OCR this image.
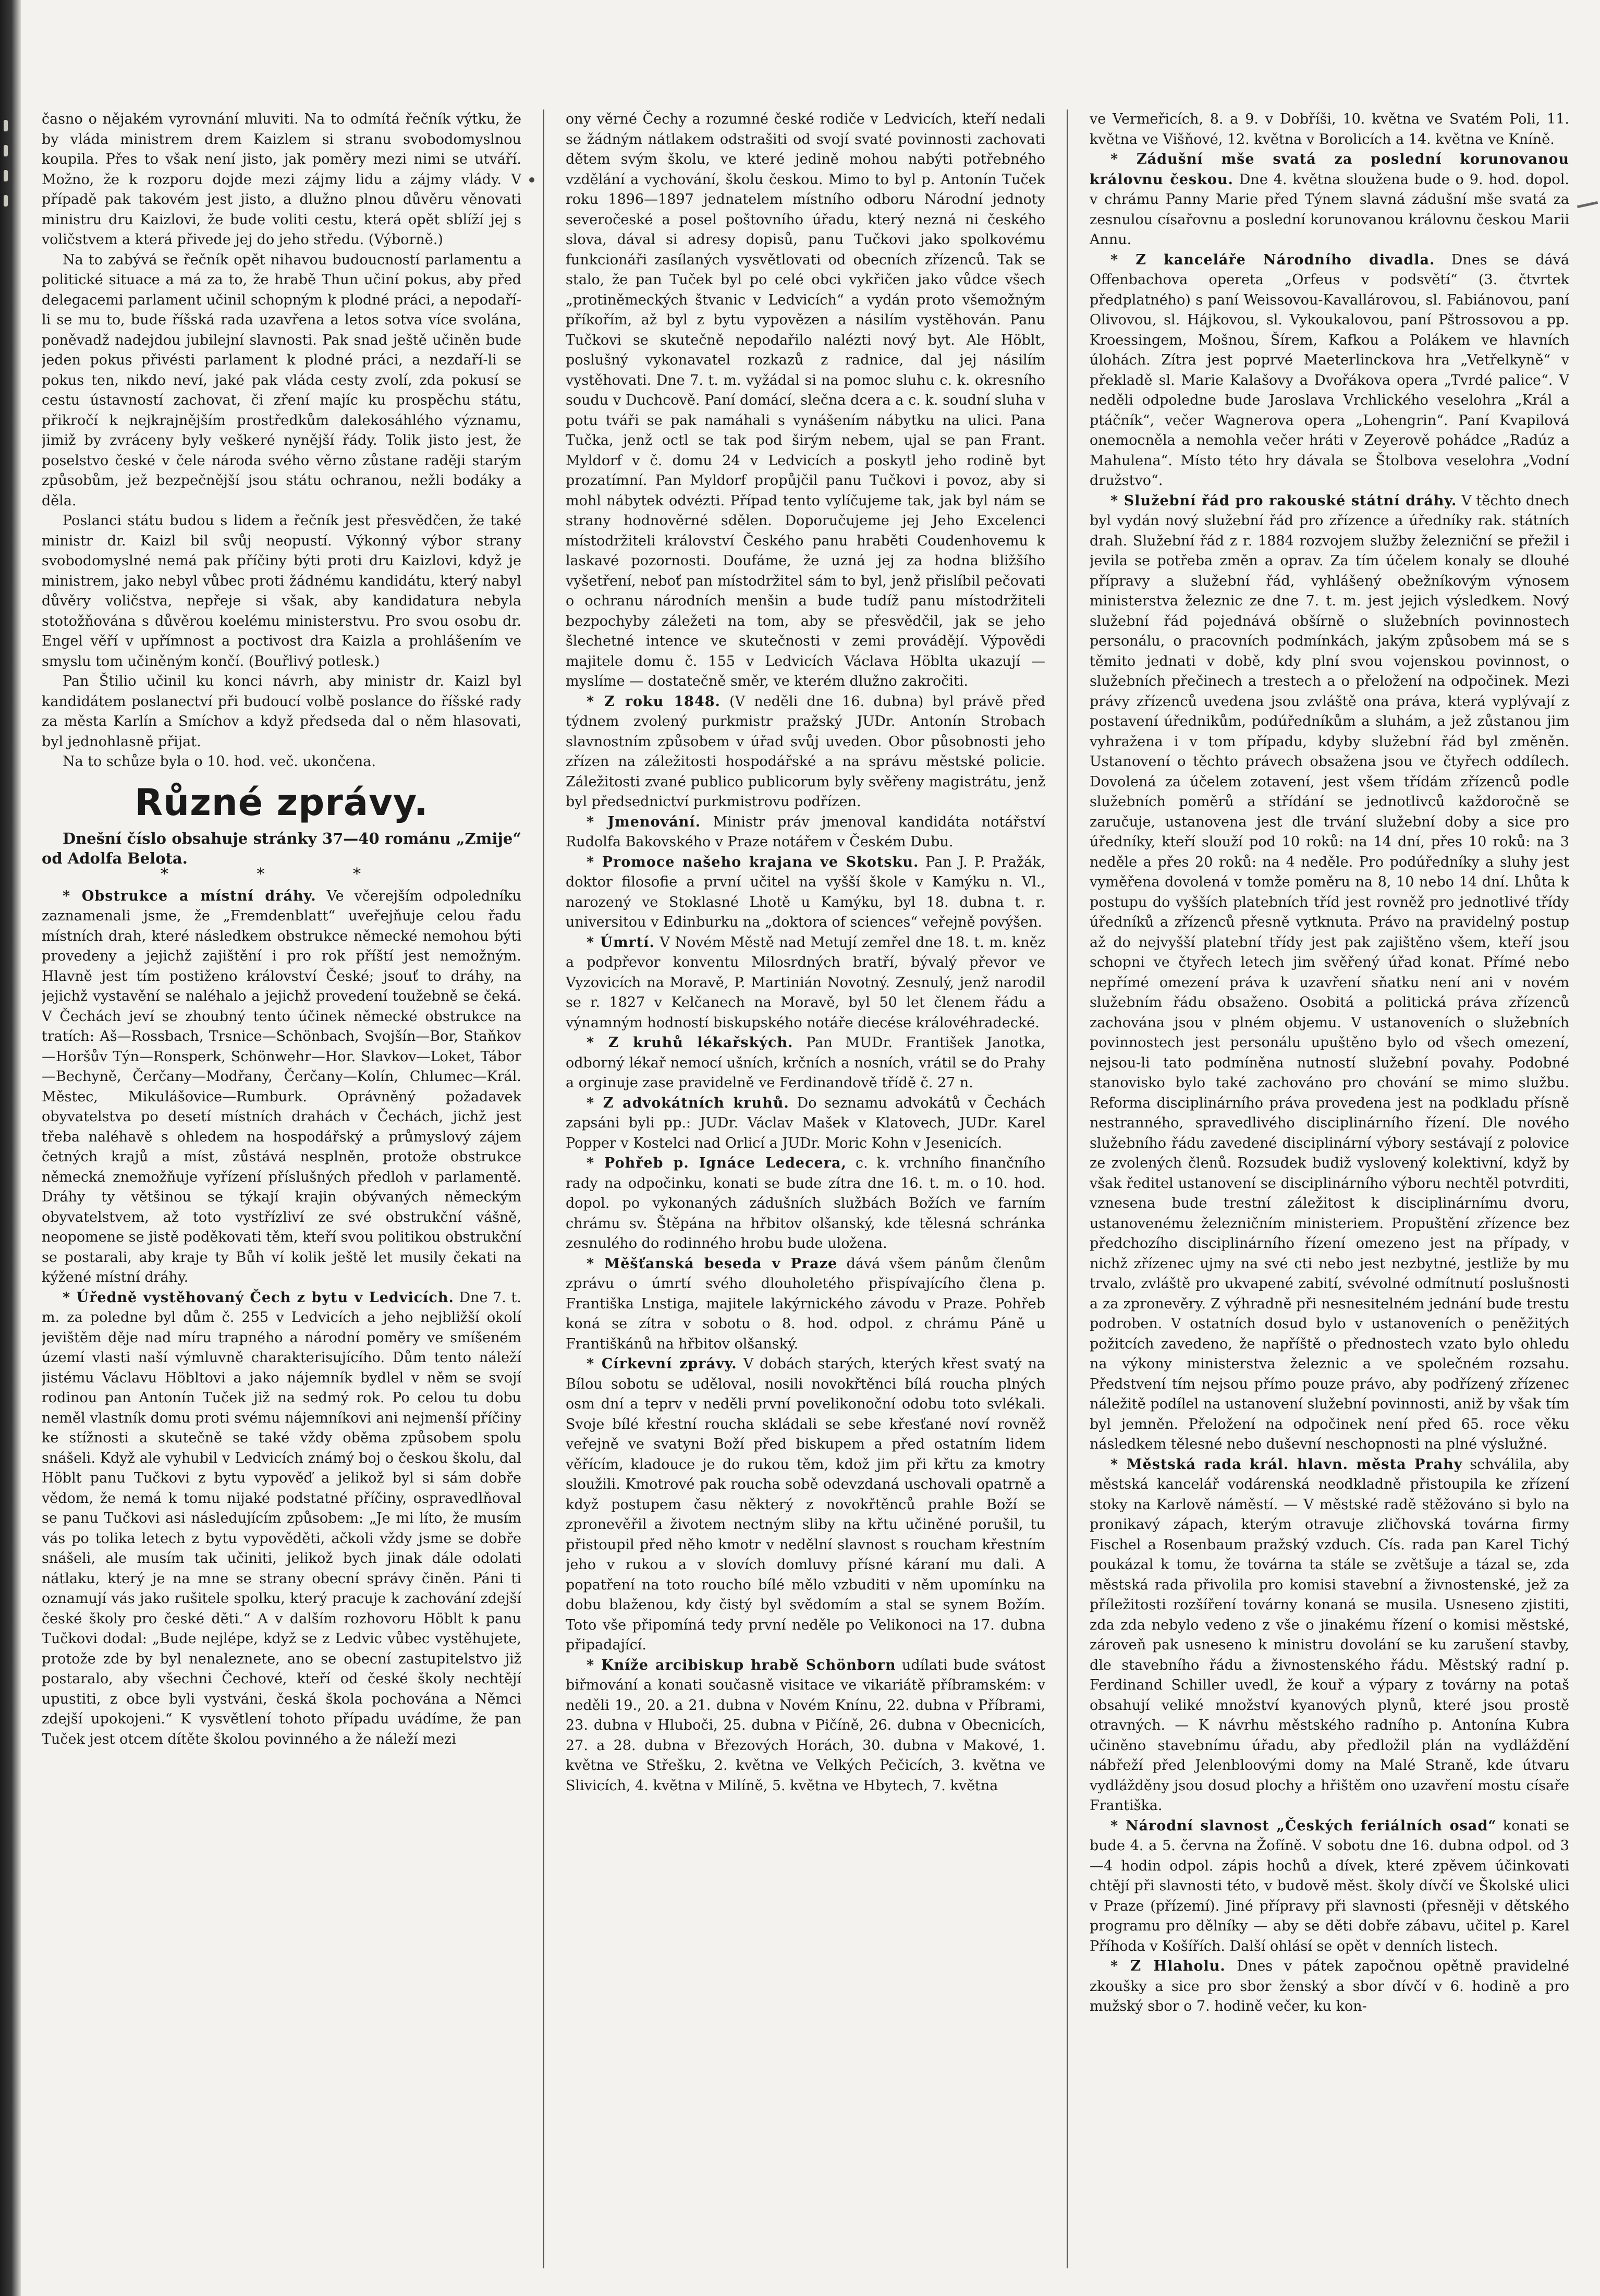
časno o nějakém vyrovnání mluviti. Na to odmítá řečník výtku, že by vláda ministrem drem Kaizlem si stranu svobodomyslnou koupila. Přes to však není jisto, jak poměry mezi nimi se utváří. Možno, že k rozporu dojde mezi zájmy lidu a zájmy vlády. V případě pak takovém jest jisto, a dlužno plnou důvěru věnovati ministru dru Kaizlovi, že bude voliti cestu, která opět sblíží jej s voličstvem a která přivede jej do jeho středu. (Výborně.)

Na to zabývá se řečník opět nihavou budoucností parlamentu a politické situace a má za to, že hrabě Thun učiní pokus, aby před delegacemi parlament učinil schopným k plodné práci, a nepodaří-li se mu to, bude říšská rada uzavřena a letos sotva více svolána, poněvadž nadejdou jubilejní slavnosti. Pak snad ještě učiněn bude jeden pokus přivésti parlament k plodné práci, a nezdaří-li se pokus ten, nikdo neví, jaké pak vláda cesty zvolí, zda pokusí se cestu ústavností zachovat, či zření majíc ku prospěchu státu, přikročí k nejkrajnějším prostředkům dalekosáhlého významu, jimiž by zvráceny byly veškeré nynější řády. Tolik jisto jest, že poselstvo české v čele národa svého věrno zůstane raději starým způsobům, jež bezpečnější jsou státu ochranou, nežli bodáky a děla.

Poslanci státu budou s lidem a řečník jest přesvědčen, že také ministr dr. Kaizl bil svůj neopustí. Výkonný výbor strany svobodomyslné nemá pak příčiny býti proti dru Kaizlovi, když je ministrem, jako nebyl vůbec proti žádnému kandidátu, který nabyl důvěry voličstva, nepřeje si však, aby kandidatura nebyla stotožňována s důvěrou koelému ministerstvu. Pro svou osobu dr. Engel věří v upřímnost a poctivost dra Kaizla a prohlášením ve smyslu tom učiněným končí. (Bouřlivý potlesk.)

Pan Štilio učinil ku konci návrh, aby ministr dr. Kaizl byl kandidátem poslanectví při budoucí volbě poslance do říšské rady za města Karlín a Smíchov a když předseda dal o něm hlasovati, byl jednohlasně přijat.

Na to schůze byla o 10. hod. več. ukončena.

Různé zprávy.

Dnešní číslo obsahuje stránky 37—40 románu „Zmije“ od Adolfa Belota.

* * *

* Obstrukce a místní dráhy. Ve včerejším odpoledníku zaznamenali jsme, že „Fremdenblatt“ uveřejňuje celou řadu místních drah, které následkem obstrukce německé nemohou býti provedeny a jejichž zajištění i pro rok příští jest nemožným. Hlavně jest tím postiženo království České; jsouť to dráhy, na jejichž vystavění se naléhalo a jejichž provedení toužebně se čeká. V Čechách jeví se zhoubný tento účinek německé obstrukce na tratích: Aš—Rossbach, Trsnice—Schönbach, Svojšín—Bor, Staňkov—Horšův Týn—Ronsperk, Schönwehr—Hor. Slavkov—Loket, Tábor—Bechyně, Čerčany—Modřany, Čerčany—Kolín, Chlumec—Král. Městec, Mikulášovice—Rumburk. Oprávněný požadavek obyvatelstva po desetí místních drahách v Čechách, jichž jest třeba naléhavě s ohledem na hospodářský a průmyslový zájem četných krajů a míst, zůstává nesplněn, protože obstrukce německá znemožňuje vyřízení příslušných předloh v parlamentě. Dráhy ty většinou se týkají krajin obývaných německým obyvatelstvem, až toto vystřízliví ze své obstrukční vášně, neopomene se jistě poděkovati těm, kteří svou politikou obstrukční se postarali, aby kraje ty Bůh ví kolik ještě let musily čekati na kýžené místní dráhy.

* Úředně vystěhovaný Čech z bytu v Ledvicích. Dne 7. t. m. za poledne byl dům č. 255 v Ledvicích a jeho nejbližší okolí jevištěm děje nad míru trapného a národní poměry ve smíšeném území vlasti naší výmluvně charakterisujícího. Dům tento náleží jistému Václavu Höbltovi a jako nájemník bydlel v něm se svojí rodinou pan Antonín Tuček již na sedmý rok. Po celou tu dobu neměl vlastník domu proti svému nájemníkovi ani nejmenší příčiny ke stížnosti a skutečně se také vždy oběma způsobem spolu snášeli. Když ale vyhubil v Ledvicích známý boj o českou školu, dal Höblt panu Tučkovi z bytu vypověď a jelikož byl si sám dobře vědom, že nemá k tomu nijaké podstatné příčiny, ospravedlňoval se panu Tučkovi asi následujícím způsobem: „Je mi líto, že musím vás po tolika letech z bytu vypověděti, ačkoli vždy jsme se dobře snášeli, ale musím tak učiniti, jelikož bych jinak dále odolati nátlaku, který je na mne se strany obecní správy činěn. Páni ti oznamují vás jako rušitele spolku, který pracuje k zachování zdejší české školy pro české děti.“ A v dalším rozhovoru Höblt k panu Tučkovi dodal: „Bude nejlépe, když se z Ledvic vůbec vystěhujete, protože zde by byl nenaleznete, ano se obecní zastupitelstvo již postaralo, aby všechni Čechové, kteří od české školy nechtějí upustiti, z obce byli vystváni, česká škola pochována a Němci zdejší upokojeni.“ K vysvětlení tohoto případu uvádíme, že pan Tuček jest otcem dítěte školou povinného a že náleží mezi

ony věrné Čechy a rozumné české rodiče v Ledvicích, kteří nedali se žádným nátlakem odstrašiti od svojí svaté povinnosti zachovati dětem svým školu, ve které jedině mohou nabýti potřebného vzdělání a vychování, školu českou. Mimo to byl p. Antonín Tuček roku 1896—1897 jednatelem místního odboru Národní jednoty severočeské a posel poštovního úřadu, který nezná ni českého slova, dával si adresy dopisů, panu Tučkovi jako spolkovému funkcionáři zasílaných vysvětlovati od obecních zřízenců. Tak se stalo, že pan Tuček byl po celé obci vykřičen jako vůdce všech „protiněmeckých štvanic v Ledvicích“ a vydán proto všemožným příkořím, až byl z bytu vypovězen a násilím vystěhován. Panu Tučkovi se skutečně nepodařilo nalézti nový byt. Ale Höblt, poslušný vykonavatel rozkazů z radnice, dal jej násilím vystěhovati. Dne 7. t. m. vyžádal si na pomoc sluhu c. k. okresního soudu v Duchcově. Paní domácí, slečna dcera a c. k. soudní sluha v potu tváři se pak namáhali s vynášením nábytku na ulici. Pana Tučka, jenž octl se tak pod širým nebem, ujal se pan Frant. Myldorf v č. domu 24 v Ledvicích a poskytl jeho rodině byt prozatímní. Pan Myldorf propůjčil panu Tučkovi i povoz, aby si mohl nábytek odvézti. Případ tento vylíčujeme tak, jak byl nám se strany hodnověrné sdělen. Doporučujeme jej Jeho Excelenci místodržiteli království Českého panu hraběti Coudenhovemu k laskavé pozornosti. Doufáme, že uzná jej za hodna bližšího vyšetření, neboť pan místodržitel sám to byl, jenž přislíbil pečovati o ochranu národních menšin a bude tudíž panu místodržiteli bezpochyby záležeti na tom, aby se přesvědčil, jak se jeho šlechetné intence ve skutečnosti v zemi provádějí. Výpovědi majitele domu č. 155 v Ledvicích Václava Höblta ukazují — myslíme — dostatečně směr, ve kterém dlužno zakročiti.

* Z roku 1848. (V neděli dne 16. dubna) byl právě před týdnem zvolený purkmistr pražský JUDr. Antonín Strobach slavnostním způsobem v úřad svůj uveden. Obor působnosti jeho zřízen na záležitosti hospodářské a na správu městské policie. Záležitosti zvané publico publicorum byly svěřeny magistrátu, jenž byl předsednictví purkmistrovu podřízen.

* Jmenování. Ministr práv jmenoval kandidáta notářství Rudolfa Bakovského v Praze notářem v Českém Dubu.

* Promoce našeho krajana ve Skotsku. Pan J. P. Pražák, doktor filosofie a první učitel na vyšší škole v Kamýku n. Vl., narozený ve Stoklasné Lhotě u Kamýku, byl 18. dubna t. r. universitou v Edinburku na „doktora of sciences“ veřejně povýšen.

* Úmrtí. V Novém Městě nad Metují zemřel dne 18. t. m. kněz a podpřevor konventu Milosrdných bratří, bývalý převor ve Vyzovicích na Moravě, P. Martinián Novotný. Zesnulý, jenž narodil se r. 1827 v Kelčanech na Moravě, byl 50 let členem řádu a výnamným hodností biskupského notáře diecése královéhradecké.

* Z kruhů lékařských. Pan MUDr. František Janotka, odborný lékař nemocí ušních, krčních a nosních, vrátil se do Prahy a orginuje zase pravidelně ve Ferdinandově třídě č. 27 n.

* Z advokátních kruhů. Do seznamu advokátů v Čechách zapsáni byli pp.: JUDr. Václav Mašek v Klatovech, JUDr. Karel Popper v Kostelci nad Orlicí a JUDr. Moric Kohn v Jesenicích.

* Pohřeb p. Ignáce Ledecera, c. k. vrchního finančního rady na odpočinku, konati se bude zítra dne 16. t. m. o 10. hod. dopol. po vykonaných zádušních službách Božích ve farním chrámu sv. Štěpána na hřbitov olšanský, kde tělesná schránka zesnulého do rodinného hrobu bude uložena.

* Měšťanská beseda v Praze dává všem pánům členům zprávu o úmrtí svého dlouholetého přispívajícího člena p. Františka Lnstiga, majitele lakýrnického závodu v Praze. Pohřeb koná se zítra v sobotu o 8. hod. odpol. z chrámu Páně u Františkánů na hřbitov olšanský.

* Církevní zprávy. V dobách starých, kterých křest svatý na Bílou sobotu se uděloval, nosili novokřtěnci bílá roucha plných osm dní a teprv v neděli první povelikonoční odobu toto svlékali. Svoje bílé křestní roucha skládali se sebe křesťané noví rovněž veřejně ve svatyni Boží před biskupem a před ostatním lidem věřícím, kladouce je do rukou těm, kdož jim při křtu za kmotry sloužili. Kmotrové pak roucha sobě odevzdaná uschovali opatrně a když postupem času některý z novokřtěnců prahle Boží se zpronevěřil a životem nectným sliby na křtu učiněné porušil, tu přistoupil před něho kmotr v nedělní slavnost s roucham křestním jeho v rukou a v slovích domluvy přísné káraní mu dali. A popatření na toto roucho bílé mělo vzbuditi v něm upomínku na dobu blaženou, kdy čistý byl svědomím a stal se synem Božím. Toto vše připomíná tedy první neděle po Velikonoci na 17. dubna připadající.

* Kníže arcibiskup hrabě Schönborn udílati bude svátost biřmování a konati současně visitace ve vikariátě příbramském: v neděli 19., 20. a 21. dubna v Novém Knínu, 22. dubna v Příbrami, 23. dubna v Hluboči, 25. dubna v Pičíně, 26. dubna v Obecnicích, 27. a 28. dubna v Březových Horách, 30. dubna v Makové, 1. května ve Střešku, 2. května ve Velkých Pečicích, 3. května ve Slivicích, 4. května v Milíně, 5. května ve Hbytech, 7. května

ve Vermeřicích, 8. a 9. v Dobříši, 10. května ve Svatém Poli, 11. května ve Višňové, 12. května v Borolicích a 14. května ve Kníně.

* Zádušní mše svatá za poslední korunovanou královnu českou. Dne 4. května sloužena bude o 9. hod. dopol. v chrámu Panny Marie před Týnem slavná zádušní mše svatá za zesnulou císařovnu a poslední korunovanou královnu českou Marii Annu.

* Z kanceláře Národního divadla. Dnes se dává Offenbachova opereta „Orfeus v podsvětí“ (3. čtvrtek předplatného) s paní Weissovou-Kavallárovou, sl. Fabiánovou, paní Olivovou, sl. Hájkovou, sl. Vykoukalovou, paní Pštrossovou a pp. Kroessingem, Mošnou, Šírem, Kafkou a Polákem ve hlavních úlohách. Zítra jest poprvé Maeterlinckova hra „Vetřelkyně“ v překladě sl. Marie Kalašovy a Dvořákova opera „Tvrdé palice“. V neděli odpoledne bude Jaroslava Vrchlického veselohra „Král a ptáčník“, večer Wagnerova opera „Lohengrin“. Paní Kvapilová onemocněla a nemohla večer hráti v Zeyerově pohádce „Radúz a Mahulena“. Místo této hry dávala se Štolbova veselohra „Vodní družstvo“.

* Služební řád pro rakouské státní dráhy. V těchto dnech byl vydán nový služební řád pro zřízence a úředníky rak. státních drah. Služební řád z r. 1884 rozvojem služby železniční se přežil i jevila se potřeba změn a oprav. Za tím účelem konaly se dlouhé přípravy a služební řád, vyhlášený obežníkovým výnosem ministerstva železnic ze dne 7. t. m. jest jejich výsledkem. Nový služební řád pojednává obšírně o služebních povinnostech personálu, o pracovních podmínkách, jakým způsobem má se s těmito jednati v době, kdy plní svou vojenskou povinnost, o služebních přečinech a trestech a o přeložení na odpočinek. Mezi právy zřízenců uvedena jsou zvláště ona práva, která vyplývají z postavení úřednikům, podúředníkům a sluhám, a jež zůstanou jim vyhražena i v tom případu, kdyby služební řád byl změněn. Ustanovení o těchto právech obsažena jsou ve čtyřech oddílech. Dovolená za účelem zotavení, jest všem třídám zřízenců podle služebních poměrů a střídání se jednotlivců každoročně se zaručuje, ustanovena jest dle trvání služební doby a sice pro úředníky, kteří slouží pod 10 roků: na 14 dní, přes 10 roků: na 3 neděle a přes 20 roků: na 4 neděle. Pro podúředníky a sluhy jest vyměřena dovolená v tomže poměru na 8, 10 nebo 14 dní. Lhůta k postupu do vyšších platebních tříd jest rovněž pro jednotlivé třídy úředníků a zřízenců přesně vytknuta. Právo na pravidelný postup až do nejvyšší platební třídy jest pak zajištěno všem, kteří jsou schopni ve čtyřech letech jim svěřený úřad konat. Přímé nebo nepřímé omezení práva k uzavření sňatku není ani v novém služebním řádu obsaženo. Osobitá a politická práva zřízenců zachována jsou v plném objemu. V ustanoveních o služebních povinnostech jest personálu upuštěno bylo od všech omezení, nejsou-li tato podmíněna nutností služební povahy. Podobné stanovisko bylo také zachováno pro chování se mimo službu. Reforma disciplinárního práva provedena jest na podkladu přísně nestranného, spravedlivého disciplinárního řízení. Dle nového služebního řádu zavedené disciplinární výbory sestávají z polovice ze zvolených členů. Rozsudek budiž vyslovený kolektivní, když by však ředitel ustanovení se disciplinárního výboru nechtěl potvrditi, vznesena bude trestní záležitost k disciplinárnímu dvoru, ustanovenému železničním ministeriem. Propuštění zřízence bez předchozího disciplinárního řízení omezeno jest na případy, v nichž zřízenec ujmy na své cti nebo jest nezbytné, jestliže by mu trvalo, zvláště pro ukvapené zabití, svévolné odmítnutí poslušnosti a za zpronevěry. Z výhradně při nesnesitelném jednání bude trestu podroben. V ostatních dosud bylo v ustanoveních o peněžitých požitcích zavedeno, že napříště o přednostech vzato bylo ohledu na výkony ministerstva železnic a ve společném rozsahu. Předstvení tím nejsou přímo pouze právo, aby podřízený zřízenec náležitě podílel na ustanovení služební povinnosti, aniž by však tím byl jemněn. Přeložení na odpočinek není před 65. roce věku následkem tělesné nebo duševní neschopnosti na plné výslužné.

* Městská rada král. hlavn. města Prahy schválila, aby městská kancelář vodárenská neodkladně přistoupila ke zřízení stoky na Karlově náměstí. — V městské radě stěžováno si bylo na pronikavý zápach, kterým otravuje zličhovská továrna firmy Fischel a Rosenbaum pražský vzduch. Cís. rada pan Karel Tichý poukázal k tomu, že továrna ta stále se zvětšuje a tázal se, zda městská rada přivolila pro komisi stavební a živnostenské, jež za příležitosti rozšíření továrny konaná se musila. Usneseno zjistiti, zda zda nebylo vedeno z vše o jinakému řízení o komisi městské, zároveň pak usneseno k ministru dovolání se ku zarušení stavby, dle stavebního řádu a živnostenského řádu. Městský radní p. Ferdinand Schiller uvedl, že kouř a výpary z továrny na potaš obsahují veliké množství kyanových plynů, které jsou prostě otravných. — K návrhu městského radního p. Antonína Kubra učiněno stavebnímu úřadu, aby předložil plán na vydláždění nábřeží před Jelenbloovými domy na Malé Straně, kde útvaru vydlážděny jsou dosud plochy a hřištěm ono uzavření mostu císaře Františka.

* Národní slavnost „Českých feriálních osad“ konati se bude 4. a 5. června na Žofíně. V sobotu dne 16. dubna odpol. od 3—4 hodin odpol. zápis hochů a dívek, které zpěvem účinkovati chtějí při slavnosti této, v budově měst. školy dívčí ve Školské ulici v Praze (přízemí). Jiné přípravy při slavnosti (přesněji v dětského programu pro dělníky — aby se děti dobře zábavu, učitel p. Karel Příhoda v Košířích. Další ohlásí se opět v denních listech.

* Z Hlaholu. Dnes v pátek započnou opětně pravidelné zkoušky a sice pro sbor ženský a sbor dívčí v 6. hodině a pro mužský sbor o 7. hodině večer, ku kon-
